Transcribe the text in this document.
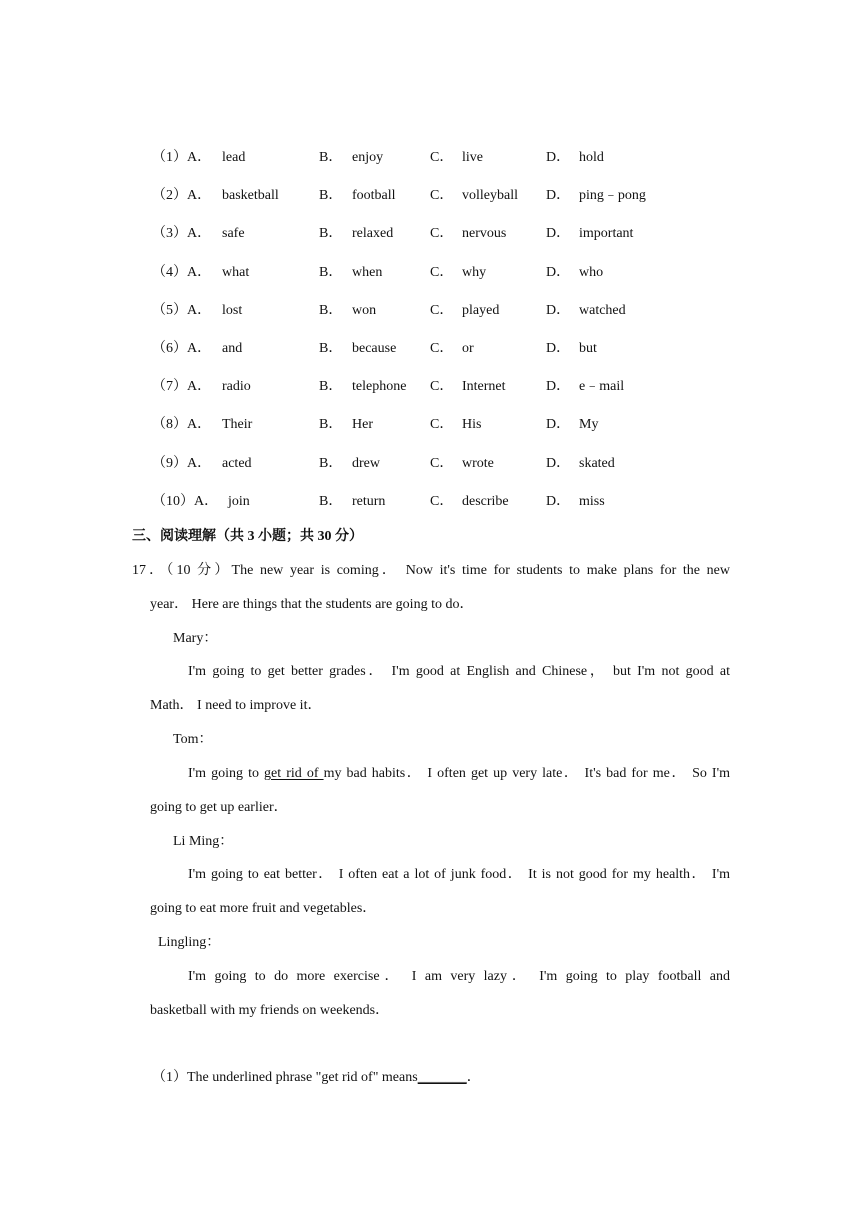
（1）A． lead	B． enjoy	C． live	D． hold
（2）A． basketball	B． football C． volleyball D． ping﹣pong
（3）A． safe	B． relaxed	C． nervous	D． important
（4）A． what	B． when	C． why	D． who
（5）A． lost	B． won	C． played	D． watched
（6）A． and	B． because C． or	D． but
（7）A． radio	B． telephone C． Internet	D． e﹣mail
（8）A． Their	B． Her	C． His	D． My
（9）A． acted	B． drew	C． wrote	D． skated
（10）A． join	B． return	C． describe	D． miss
三、阅读理解（共 3 小题；共 30 分）
17．（10 分）The new year is coming． Now it's time for students to make plans for the new
year． Here are things that the students are going to do．
Mary：
I'm going to get better grades． I'm good at English and Chinese， but I'm not good at
Math． I need to improve it．
Tom：
I'm going to get rid of my bad habits． I often get up very late． It's bad for me． So I'm
going to get up earlier．
Li Ming：
I'm going to eat better． I often eat a lot of junk food． It is not good for my health． I'm
going to eat more fruit and vegetables．
Lingling：
I'm going to do more exercise． I am very lazy． I'm going to play football and
basketball with my friends on weekends．
（1）The underlined phrase "get rid of" means_______．
